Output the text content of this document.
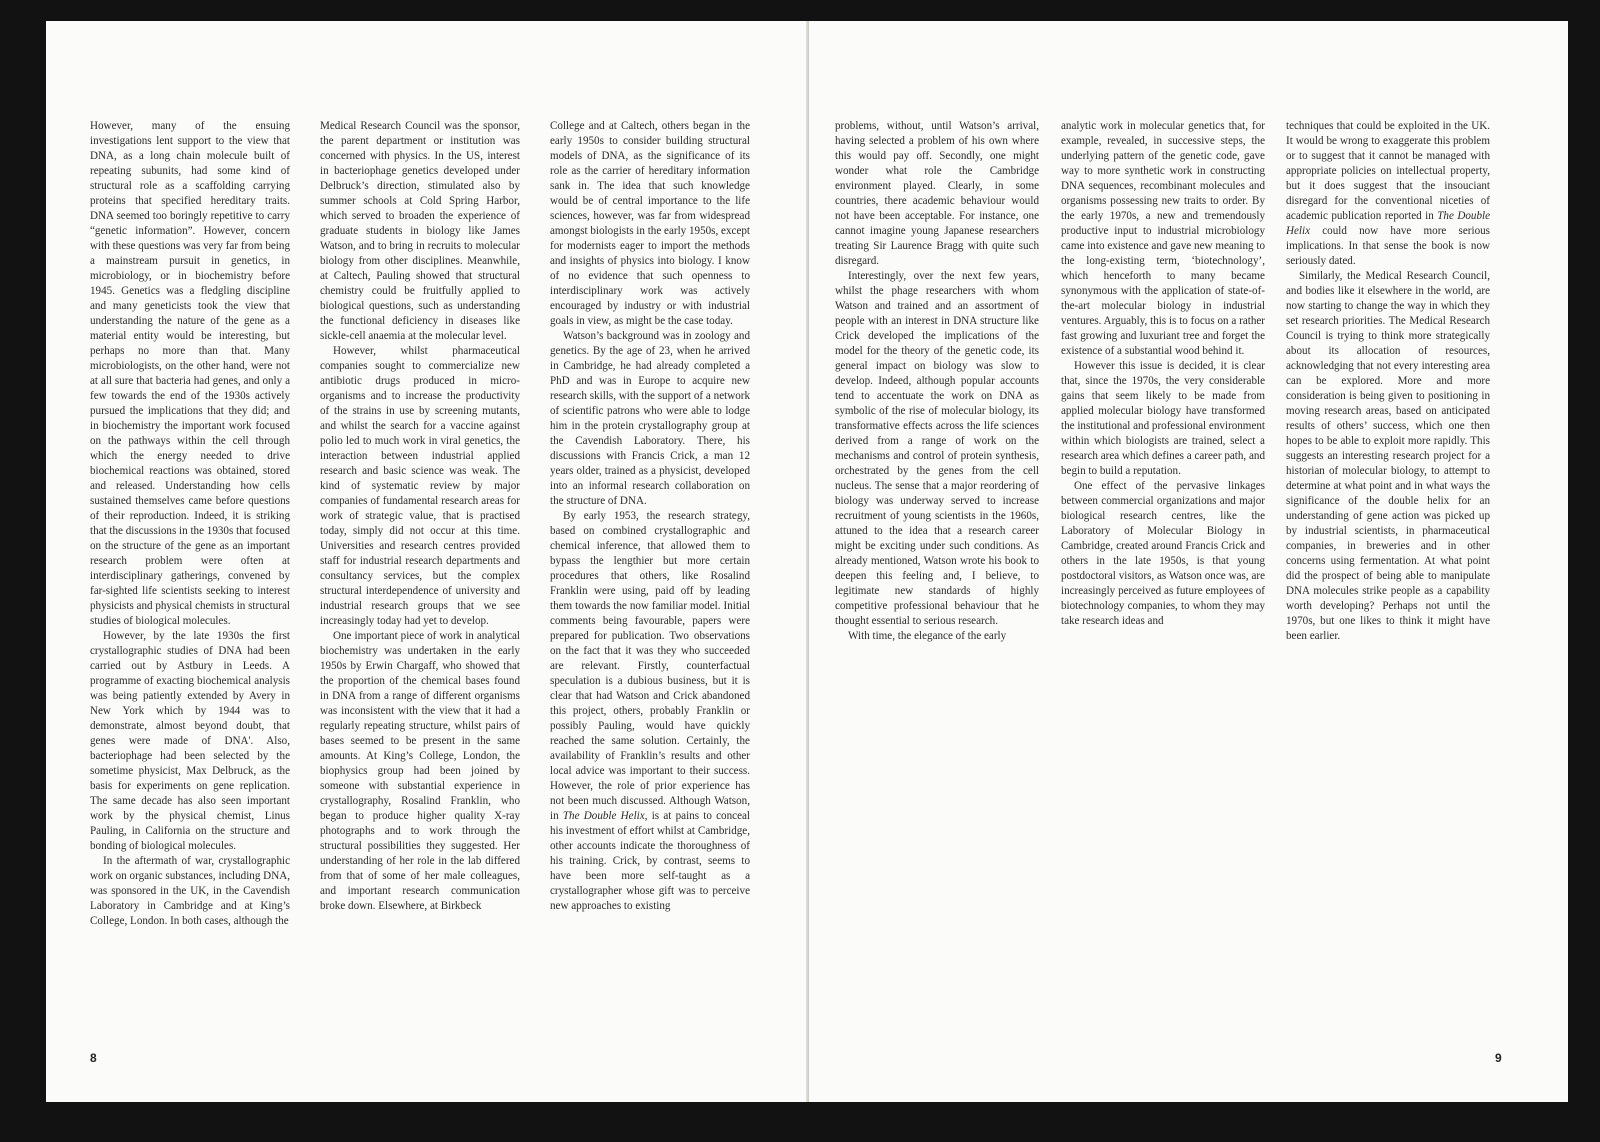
However, many of the ensuing investigations lent support to the view that DNA, as a long chain molecule built of repeating subunits, had some kind of structural role as a scaffolding carrying proteins that specified hereditary traits. DNA seemed too boringly repetitive to carry “genetic information”. However, concern with these questions was very far from being a mainstream pursuit in genetics, in microbiology, or in biochemistry before 1945. Genetics was a fledgling discipline and many geneticists took the view that understanding the nature of the gene as a material entity would be interesting, but perhaps no more than that. Many microbiologists, on the other hand, were not at all sure that bacteria had genes, and only a few towards the end of the 1930s actively pursued the implications that they did; and in biochemistry the important work focused on the pathways within the cell through which the energy needed to drive biochemical reactions was obtained, stored and released. Understanding how cells sustained themselves came before questions of their reproduction. Indeed, it is striking that the discussions in the 1930s that focused on the structure of the gene as an important research problem were often at interdisciplinary gatherings, convened by far-sighted life scientists seeking to interest physicists and physical chemists in structural studies of biological molecules.

However, by the late 1930s the first crystallographic studies of DNA had been carried out by Astbury in Leeds. A programme of exacting biochemical analysis was being patiently extended by Avery in New York which by 1944 was to demonstrate, almost beyond doubt, that genes were made of DNA'. Also, bacteriophage had been selected by the sometime physicist, Max Delbruck, as the basis for experiments on gene replication. The same decade has also seen important work by the physical chemist, Linus Pauling, in California on the structure and bonding of biological molecules.

In the aftermath of war, crystallographic work on organic substances, including DNA, was sponsored in the UK, in the Cavendish Laboratory in Cambridge and at King’s College, London. In both cases, although the

Medical Research Council was the sponsor, the parent department or institution was concerned with physics. In the US, interest in bacteriophage genetics developed under Delbruck’s direction, stimulated also by summer schools at Cold Spring Harbor, which served to broaden the experience of graduate students in biology like James Watson, and to bring in recruits to molecular biology from other disciplines. Meanwhile, at Caltech, Pauling showed that structural chemistry could be fruitfully applied to biological questions, such as understanding the functional deficiency in diseases like sickle-cell anaemia at the molecular level.

However, whilst pharmaceutical companies sought to commercialize new antibiotic drugs produced in micro-organisms and to increase the productivity of the strains in use by screening mutants, and whilst the search for a vaccine against polio led to much work in viral genetics, the interaction between industrial applied research and basic science was weak. The kind of systematic review by major companies of fundamental research areas for work of strategic value, that is practised today, simply did not occur at this time. Universities and research centres provided staff for industrial research departments and consultancy services, but the complex structural interdependence of university and industrial research groups that we see increasingly today had yet to develop.

One important piece of work in analytical biochemistry was undertaken in the early 1950s by Erwin Chargaff, who showed that the proportion of the chemical bases found in DNA from a range of different organisms was inconsistent with the view that it had a regularly repeating structure, whilst pairs of bases seemed to be present in the same amounts. At King’s College, London, the biophysics group had been joined by someone with substantial experience in crystallography, Rosalind Franklin, who began to produce higher quality X-ray photographs and to work through the structural possibilities they suggested. Her understanding of her role in the lab differed from that of some of her male colleagues, and important research communication broke down. Elsewhere, at Birkbeck

College and at Caltech, others began in the early 1950s to consider building structural models of DNA, as the significance of its role as the carrier of hereditary information sank in. The idea that such knowledge would be of central importance to the life sciences, however, was far from widespread amongst biologists in the early 1950s, except for modernists eager to import the methods and insights of physics into biology. I know of no evidence that such openness to interdisciplinary work was actively encouraged by industry or with industrial goals in view, as might be the case today.

Watson’s background was in zoology and genetics. By the age of 23, when he arrived in Cambridge, he had already completed a PhD and was in Europe to acquire new research skills, with the support of a network of scientific patrons who were able to lodge him in the protein crystallography group at the Cavendish Laboratory. There, his discussions with Francis Crick, a man 12 years older, trained as a physicist, developed into an informal research collaboration on the structure of DNA.

By early 1953, the research strategy, based on combined crystallographic and chemical inference, that allowed them to bypass the lengthier but more certain procedures that others, like Rosalind Franklin were using, paid off by leading them towards the now familiar model. Initial comments being favourable, papers were prepared for publication. Two observations on the fact that it was they who succeeded are relevant. Firstly, counterfactual speculation is a dubious business, but it is clear that had Watson and Crick abandoned this project, others, probably Franklin or possibly Pauling, would have quickly reached the same solution. Certainly, the availability of Franklin’s results and other local advice was important to their success. However, the role of prior experience has not been much discussed. Although Watson, in The Double Helix, is at pains to conceal his investment of effort whilst at Cambridge, other accounts indicate the thoroughness of his training. Crick, by contrast, seems to have been more self-taught as a crystallographer whose gift was to perceive new approaches to existing

8

problems, without, until Watson’s arrival, having selected a problem of his own where this would pay off. Secondly, one might wonder what role the Cambridge environment played. Clearly, in some countries, there academic behaviour would not have been acceptable. For instance, one cannot imagine young Japanese researchers treating Sir Laurence Bragg with quite such disregard.

Interestingly, over the next few years, whilst the phage researchers with whom Watson and trained and an assortment of people with an interest in DNA structure like Crick developed the implications of the model for the theory of the genetic code, its general impact on biology was slow to develop. Indeed, although popular accounts tend to accentuate the work on DNA as symbolic of the rise of molecular biology, its transformative effects across the life sciences derived from a range of work on the mechanisms and control of protein synthesis, orchestrated by the genes from the cell nucleus. The sense that a major reordering of biology was underway served to increase recruitment of young scientists in the 1960s, attuned to the idea that a research career might be exciting under such conditions. As already mentioned, Watson wrote his book to deepen this feeling and, I believe, to legitimate new standards of highly competitive professional behaviour that he thought essential to serious research.

With time, the elegance of the early

analytic work in molecular genetics that, for example, revealed, in successive steps, the underlying pattern of the genetic code, gave way to more synthetic work in constructing DNA sequences, recombinant molecules and organisms possessing new traits to order. By the early 1970s, a new and tremendously productive input to industrial microbiology came into existence and gave new meaning to the long-existing term, ‘biotechnology’, which henceforth to many became synonymous with the application of state-of-the-art molecular biology in industrial ventures. Arguably, this is to focus on a rather fast growing and luxuriant tree and forget the existence of a substantial wood behind it.

However this issue is decided, it is clear that, since the 1970s, the very considerable gains that seem likely to be made from applied molecular biology have transformed the institutional and professional environment within which biologists are trained, select a research area which defines a career path, and begin to build a reputation.

One effect of the pervasive linkages between commercial organizations and major biological research centres, like the Laboratory of Molecular Biology in Cambridge, created around Francis Crick and others in the late 1950s, is that young postdoctoral visitors, as Watson once was, are increasingly perceived as future employees of biotechnology companies, to whom they may take research ideas and

techniques that could be exploited in the UK. It would be wrong to exaggerate this problem or to suggest that it cannot be managed with appropriate policies on intellectual property, but it does suggest that the insouciant disregard for the conventional niceties of academic publication reported in The Double Helix could now have more serious implications. In that sense the book is now seriously dated.

Similarly, the Medical Research Council, and bodies like it elsewhere in the world, are now starting to change the way in which they set research priorities. The Medical Research Council is trying to think more strategically about its allocation of resources, acknowledging that not every interesting area can be explored. More and more consideration is being given to positioning in moving research areas, based on anticipated results of others’ success, which one then hopes to be able to exploit more rapidly. This suggests an interesting research project for a historian of molecular biology, to attempt to determine at what point and in what ways the significance of the double helix for an understanding of gene action was picked up by industrial scientists, in pharmaceutical companies, in breweries and in other concerns using fermentation. At what point did the prospect of being able to manipulate DNA molecules strike people as a capability worth developing? Perhaps not until the 1970s, but one likes to think it might have been earlier.

9
